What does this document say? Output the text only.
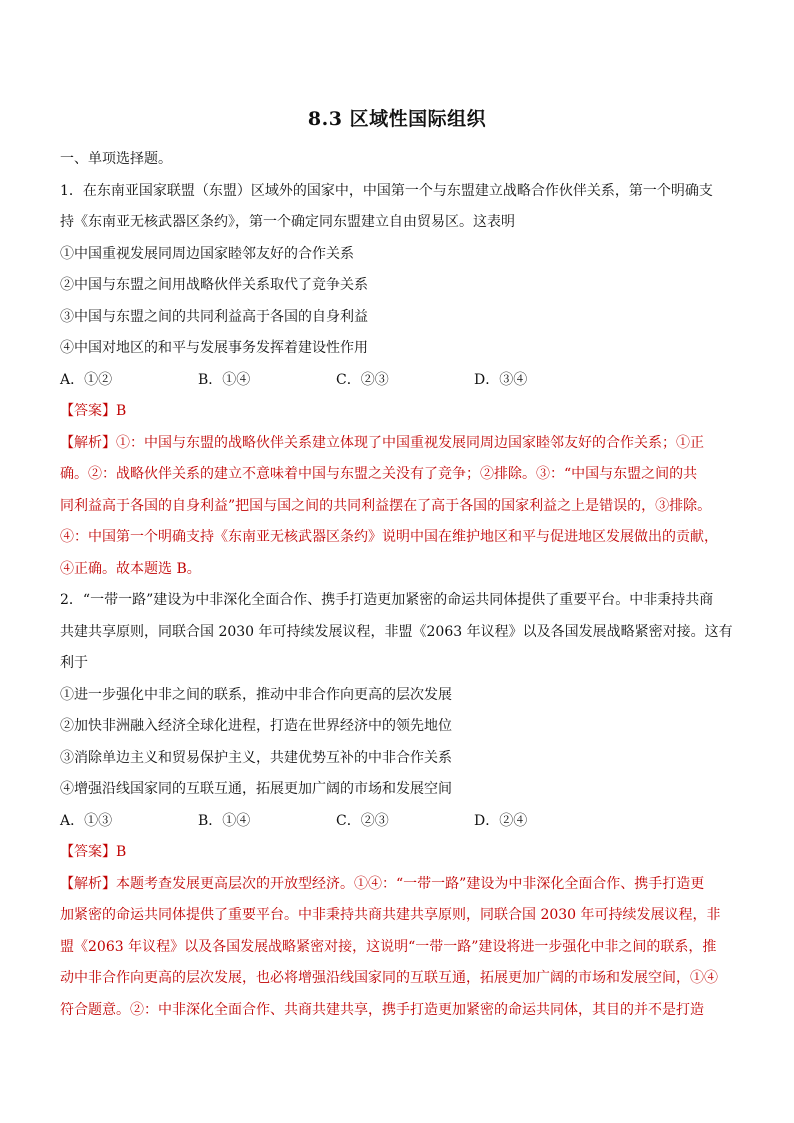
8.3 区域性国际组织

一、单项选择题。

1．在东南亚国家联盟（东盟）区域外的国家中，中国第一个与东盟建立战略合作伙伴关系，第一个明确支

持《东南亚无核武器区条约》，第一个确定同东盟建立自由贸易区。这表明

①中国重视发展同周边国家睦邻友好的合作关系

②中国与东盟之间用战略伙伴关系取代了竞争关系

③中国与东盟之间的共同利益高于各国的自身利益

④中国对地区的和平与发展事务发挥着建设性作用

A．①②	B．①④	C．②③	D．③④

【答案】B

【解析】①：中国与东盟的战略伙伴关系建立体现了中国重视发展同周边国家睦邻友好的合作关系；①正

确。②：战略伙伴关系的建立不意味着中国与东盟之关没有了竞争；②排除。③：“中国与东盟之间的共

同利益高于各国的自身利益”把国与国之间的共同利益摆在了高于各国的国家利益之上是错误的，③排除。

④：中国第一个明确支持《东南亚无核武器区条约》说明中国在维护地区和平与促进地区发展做出的贡献，

④正确。故本题选 B。

2．“一带一路”建设为中非深化全面合作、携手打造更加紧密的命运共同体提供了重要平台。中非秉持共商

共建共享原则，同联合国 2030 年可持续发展议程，非盟《2063 年议程》以及各国发展战略紧密对接。这有

利于

①进一步强化中非之间的联系，推动中非合作向更高的层次发展

②加快非洲融入经济全球化进程，打造在世界经济中的领先地位

③消除单边主义和贸易保护主义，共建优势互补的中非合作关系

④增强沿线国家同的互联互通，拓展更加广阔的市场和发展空间

A．①③	B．①④	C．②③	D．②④

【答案】B

【解析】本题考查发展更高层次的开放型经济。①④：“一带一路”建设为中非深化全面合作、携手打造更

加紧密的命运共同体提供了重要平台。中非秉持共商共建共享原则，同联合国 2030 年可持续发展议程，非

盟《2063 年议程》以及各国发展战略紧密对接，这说明“一带一路”建设将进一步强化中非之间的联系，推

动中非合作向更高的层次发展，也必将增强沿线国家同的互联互通，拓展更加广阔的市场和发展空间，①④

符合题意。②：中非深化全面合作、共商共建共享，携手打造更加紧密的命运共同体，其目的并不是打造
